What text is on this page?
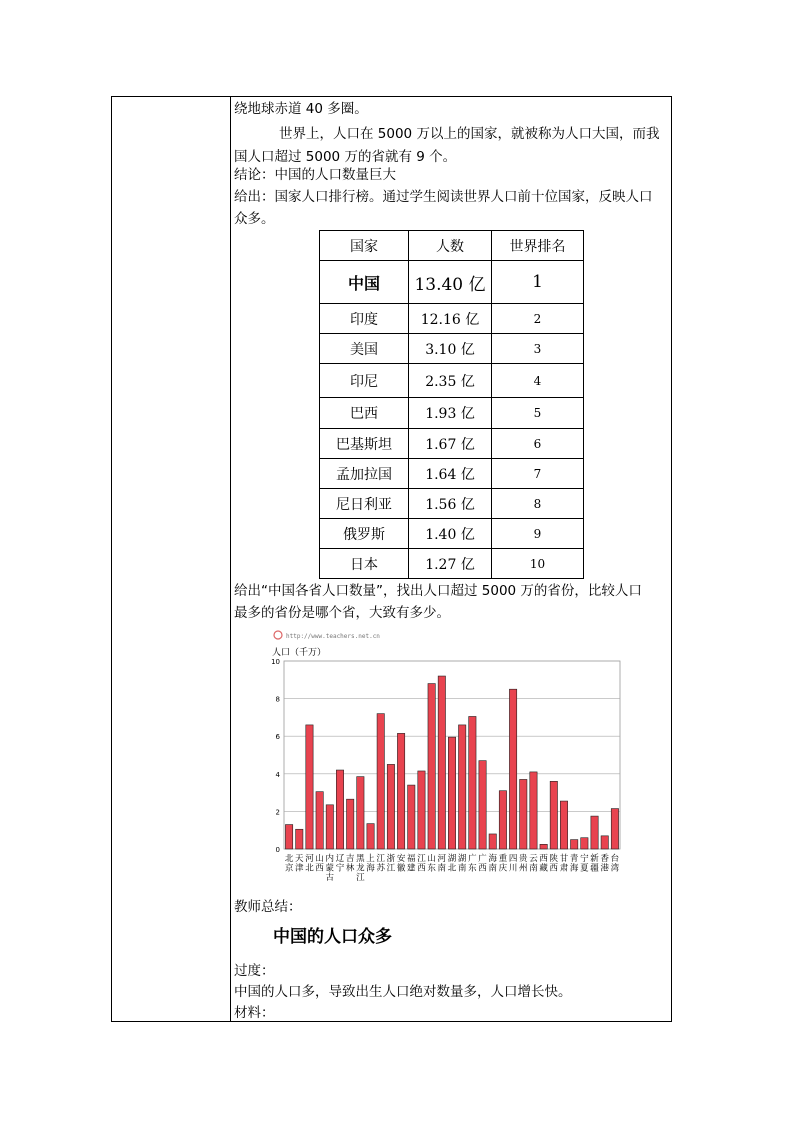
绕地球赤道 40 多圈。
世界上，人口在 5000 万以上的国家，就被称为人口大国，而我
国人口超过 5000 万的省就有 9 个。
结论：中国的人口数量巨大
给出：国家人口排行榜。通过学生阅读世界人口前十位国家，反映人口
众多。
国家	人数	世界排名
中国	13.40 亿	1
印度	12.16 亿	2
美国	3.10 亿	3
印尼	2.35 亿	4
巴西	1.93 亿	5
巴基斯坦	1.67 亿	6
孟加拉国	1.64 亿	7
尼日利亚	1.56 亿	8
俄罗斯	1.40 亿	9
日本	1.27 亿	10
给出“中国各省人口数量”，找出人口超过 5000 万的省份，比较人口
最多的省份是哪个省，大致有多少。
http://www.teachers.net.cn
人口（千万）
0
2
4
6
8
10
北京
天津
河北
山西
内蒙古
辽宁
吉林
黑龙江
上海
江苏
浙江
安徽
福建
江西
山东
河南
湖北
湖南
广东
广西
海南
重庆
四川
贵州
云南
西藏
陕西
甘肃
青海
宁夏
新疆
香港
台湾
教师总结：
中国的人口众多
过度：
中国的人口多，导致出生人口绝对数量多，人口增长快。
材料：
